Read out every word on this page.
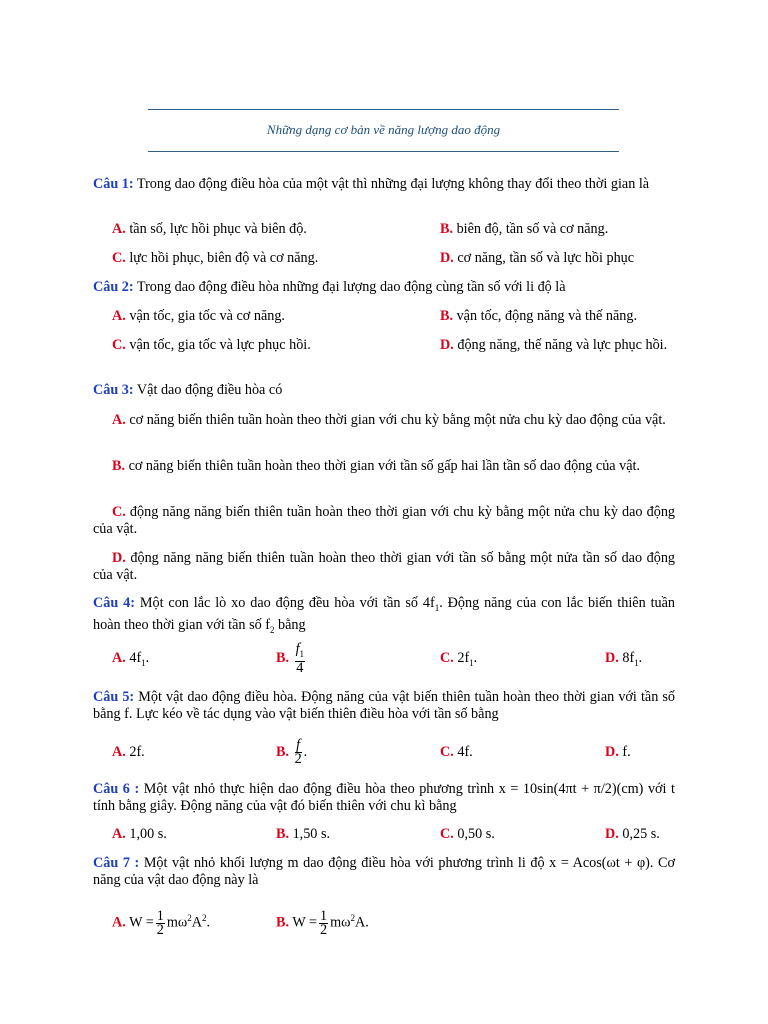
Những dạng cơ bản về năng lượng dao động
Câu 1: Trong dao động điều hòa của một vật thì những đại lượng không thay đổi theo thời gian là
A. tần số, lực hồi phục và biên độ.	B. biên độ, tần số và cơ năng.
C. lực hồi phục, biên độ và cơ năng.	D. cơ năng, tần số và lực hồi phục
Câu 2: Trong dao động điều hòa những đại lượng dao động cùng tần số với li độ là
A. vận tốc, gia tốc và cơ năng.	B. vận tốc, động năng và thế năng.
C. vận tốc, gia tốc và lực phục hồi.	D. động năng, thế năng và lực phục hồi.
Câu 3: Vật dao động điều hòa có
A. cơ năng biến thiên tuần hoàn theo thời gian với chu kỳ bằng một nửa chu kỳ dao động của vật.
B. cơ năng biến thiên tuần hoàn theo thời gian với tần số gấp hai lần tần số dao động của vật.
C. động năng năng biến thiên tuần hoàn theo thời gian với chu kỳ bằng một nửa chu kỳ dao động của vật.
D. động năng năng biến thiên tuần hoàn theo thời gian với tần số bằng một nửa tần số dao động của vật.
Câu 4: Một con lắc lò xo dao động đều hòa với tần số $4f_1$. Động năng của con lắc biến thiên tuần hoàn theo thời gian với tần số $f_2$ bằng
A. $4f_1$.	B. $\frac{f_1}{4}$	C. $2f_1$.	D. $8f_1$.
Câu 5: Một vật dao động điều hòa. Động năng của vật biến thiên tuần hoàn theo thời gian với tần số bằng f. Lực kéo về tác dụng vào vật biến thiên điều hòa với tần số bằng
A. 2f.	B. $\frac{f}{2}$ .	C. 4f.	D. f.
Câu 6 : Một vật nhỏ thực hiện dao động điều hòa theo phương trình x = 10sin(4πt + π/2)(cm) với t tính bằng giây. Động năng của vật đó biến thiên với chu kì bằng
A. 1,00 s.	B. 1,50 s.	C. 0,50 s.	D. 0,25 s.
Câu 7 : Một vật nhỏ khối lượng m dao động điều hòa với phương trình li độ x = Acos(ωt + φ). Cơ năng của vật dao động này là
A. $W = \frac{1}{2} m\omega^2A^2$.	B. $W = \frac{1}{2} m\omega^2A$.
